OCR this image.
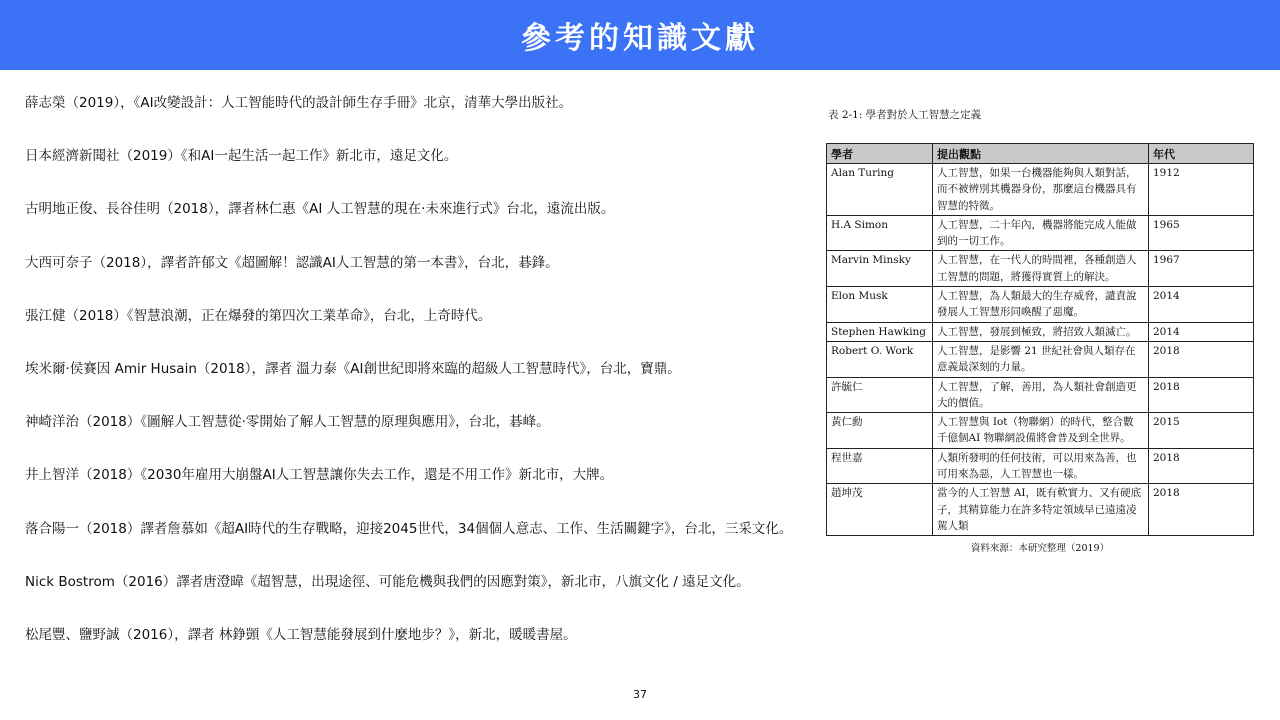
參考的知識文獻
薛志榮（2019），《AI改變設計：人工智能時代的設計師生存手冊》北京，清華大學出版社。
日本經濟新聞社（2019）《和AI一起生活一起工作》新北市，遠足文化。
古明地正俊、長谷佳明（2018），譯者林仁惠《AI 人工智慧的現在‧未來進行式》台北，遠流出版。
大西可奈子（2018），譯者許郁文《超圖解！認識AI人工智慧的第一本書》，台北，碁鋒。
張江健（2018）《智慧浪潮，正在爆發的第四次工業革命》，台北，上奇時代。
埃米爾‧侯賽因 Amir Husain（2018），譯者 溫力泰《AI創世紀即將來臨的超級人工智慧時代》，台北，寶鼎。
神崎洋治（2018）《圖解人工智慧從‧零開始了解人工智慧的原理與應用》，台北，碁峰。
井上智洋（2018）《2030年雇用大崩盤AI人工智慧讓你失去工作，還是不用工作》新北市，大牌。
落合陽一（2018）譯者詹慕如《超AI時代的生存戰略，迎接2045世代，34個個人意志、工作、生活關鍵字》，台北，三采文化。
Nick Bostrom（2016）譯者唐澄暐《超智慧，出現途徑、可能危機與我們的因應對策》，新北市，八旗文化 / 遠足文化。
松尾豐、鹽野誠（2016），譯者 林錚顗《人工智慧能發展到什麼地步？》，新北，暖暖書屋。
表 2-1: 學者對於人工智慧之定義
學者	提出觀點	年代
Alan Turing	人工智慧，如果一台機器能夠與人類對話，而不被辨別其機器身份，那麼這台機器具有智慧的特徵。	1912
H.A Simon	人工智慧，二十年內，機器將能完成人能做到的一切工作。	1965
Marvin Minsky	人工智慧，在一代人的時間裡，各種創造人工智慧的問題，將獲得實質上的解決。	1967
Elon Musk	人工智慧，為人類最大的生存威脅，譴責說發展人工智慧形同喚醒了惡魔。	2014
Stephen Hawking	人工智慧，發展到極致，將招致人類滅亡。	2014
Robert O. Work	人工智慧，是影響 21 世紀社會與人類存在意義最深刻的力量。	2018
許毓仁	人工智慧，了解，善用，為人類社會創造更大的價值。	2018
黃仁勳	人工智慧與 Iot（物聯網）的時代，整合數千億個AI 物聯網設備將會普及到全世界。	2015
程世嘉	人類所發明的任何技術，可以用來為善，也可用來為惡，人工智慧也一樣。	2018
趙坤茂	當今的人工智慧 AI，既有軟實力、又有硬底子，其精算能力在許多特定領域早已遠遠凌駕人類	2018
資料來源：本研究整理（2019）
37
